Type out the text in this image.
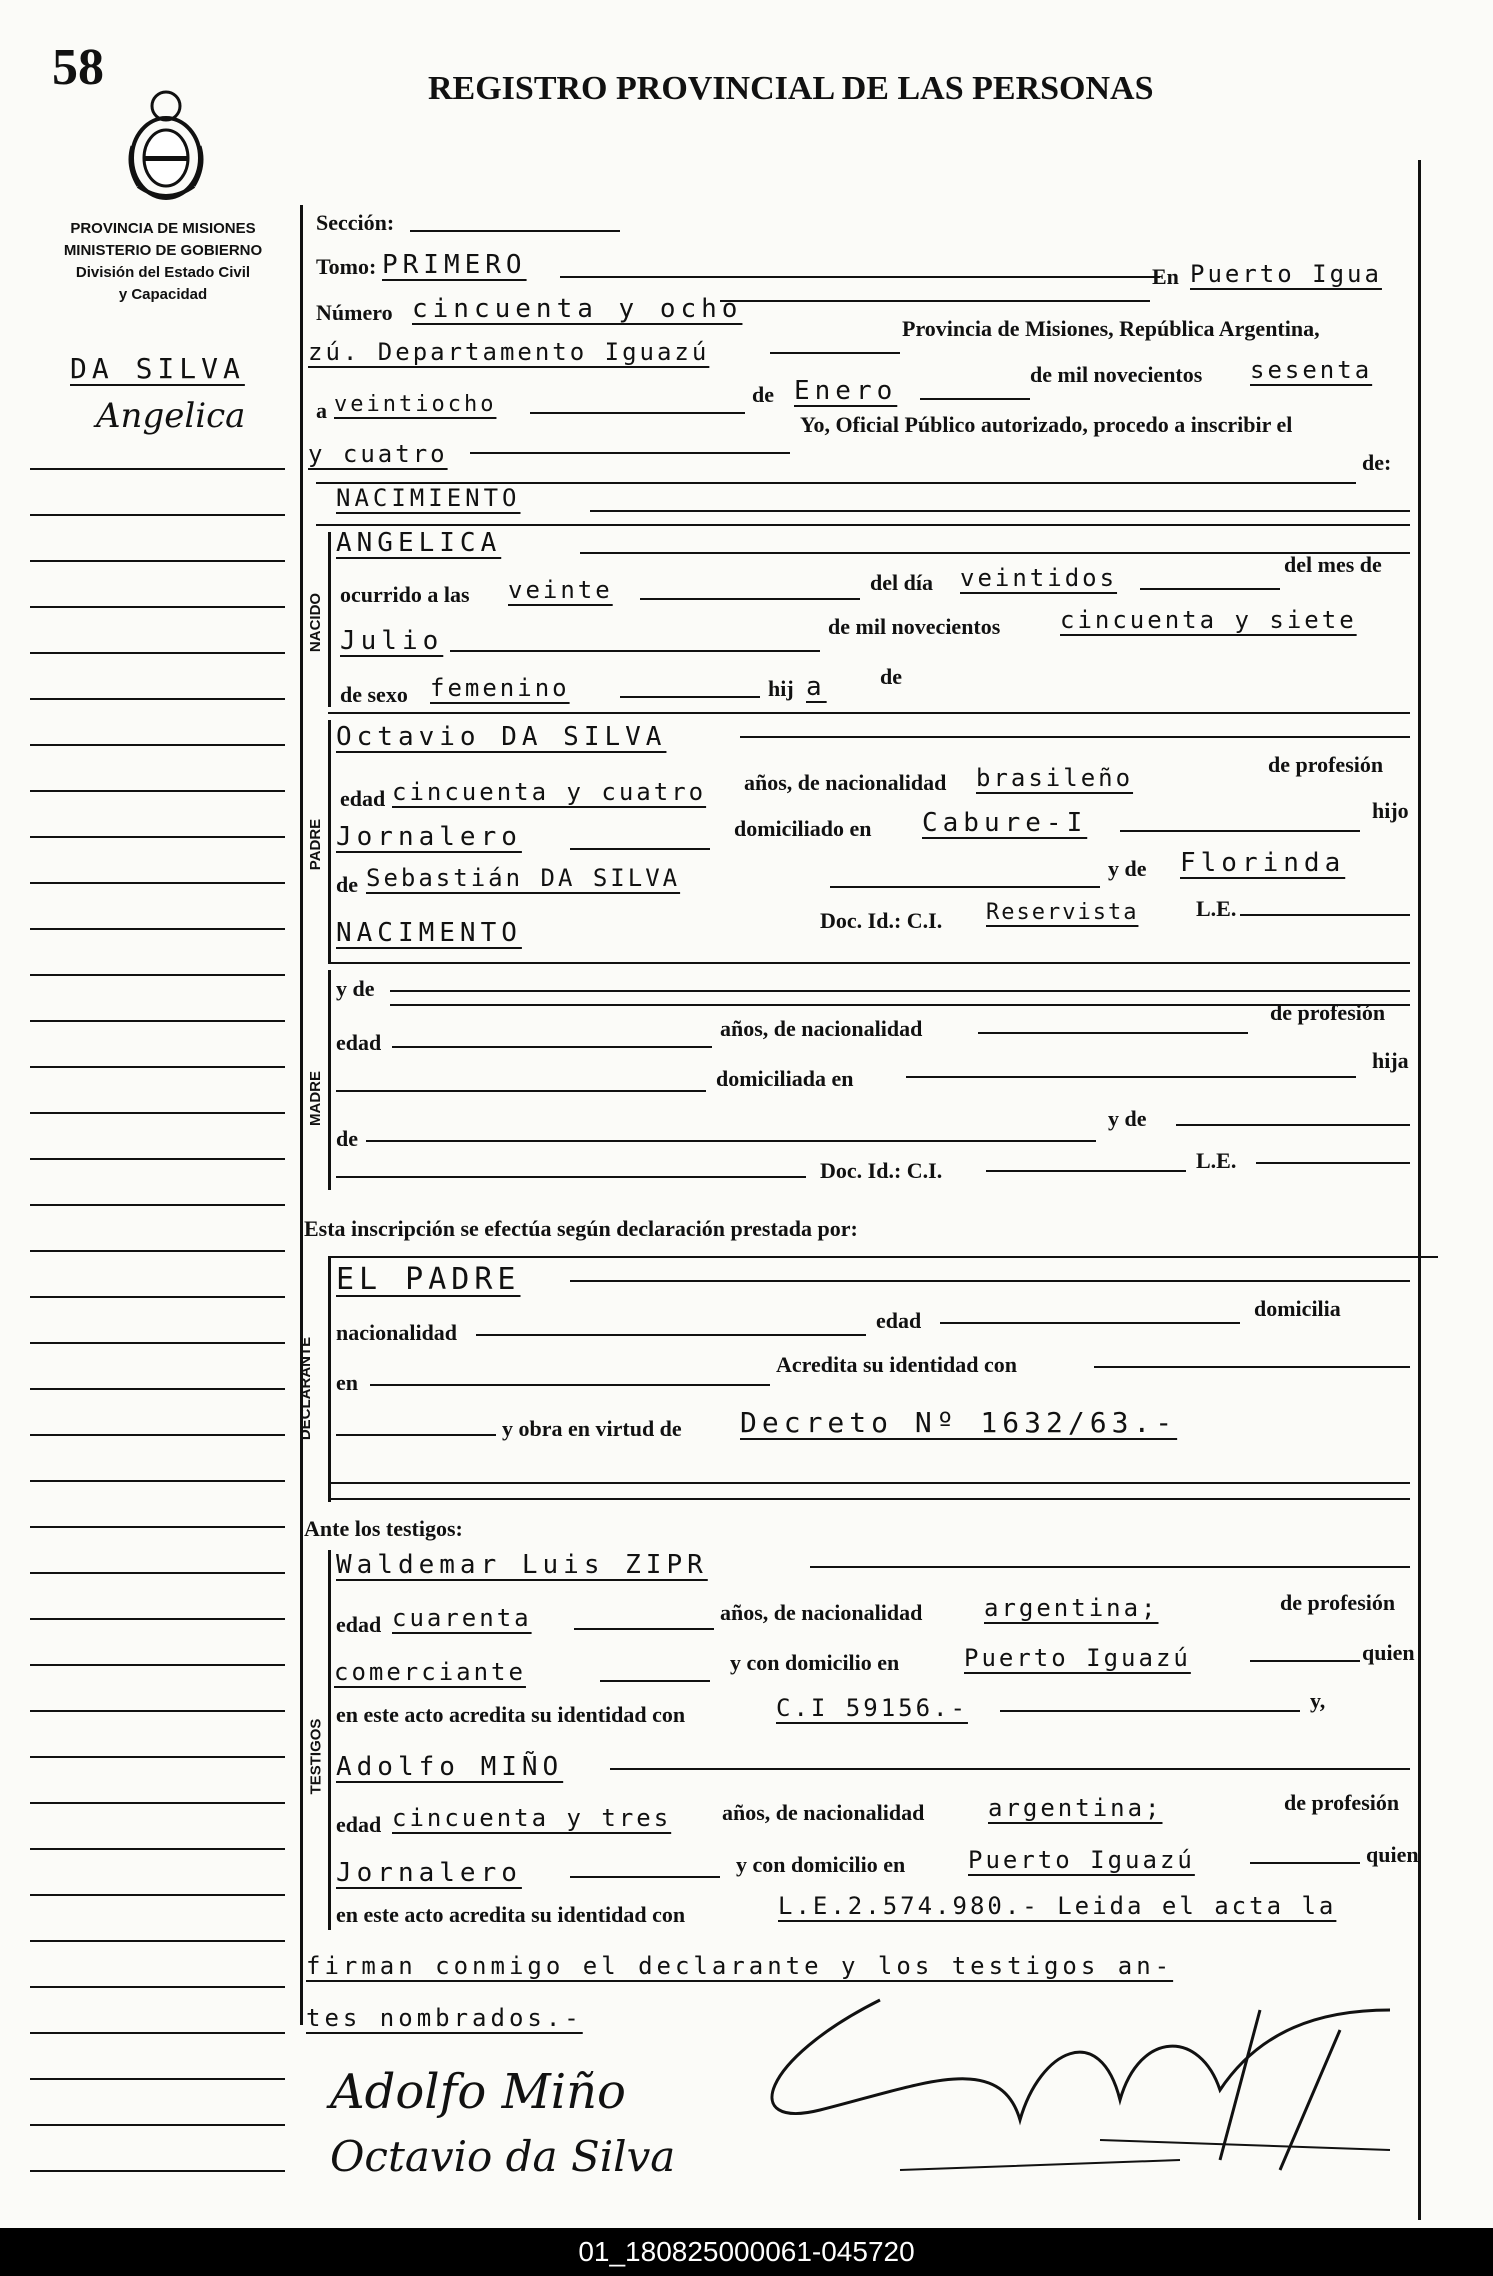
58	REGISTRO PROVINCIAL DE LAS PERSONAS
PROVINCIA DE MISIONES
MINISTERIO DE GOBIERNO
División del Estado Civil
y Capacidad
DA SILVA
Angelica
Sección:
Tomo: PRIMERO
Número cincuenta y ocho
En Puerto Igua
zú. Departamento Iguazú
Provincia de Misiones, República Argentina,
a veintiocho	de Enero
de mil novecientos sesenta
y cuatro
Yo, Oficial Público autorizado, procedo a inscribir el
de:
NACIMIENTO
NACIDO
ANGELICA
ocurrido a las veinte	del día veintidos	del mes de
Julio	de mil novecientos cincuenta y siete
de sexo femenino	hij a de
PADRE
Octavio DA SILVA
edad cincuenta y cuatro años, de nacionalidad brasileño	de profesión
Jornalero	domiciliado en Cabure-I	hijo
de Sebastián DA SILVA	y de Florinda
NACIMENTO	Doc. Id.: C.I. Reservista	L.E.
MADRE
y de
edad
años, de nacionalidad
de profesión
domiciliada en
hija
de
y de
Doc. Id.: C.I.	L.E.
Esta inscripción se efectúa según declaración prestada por:
DECLARANTE
EL PADRE
nacionalidad	edad	domicilia
en
Acredita su identidad con
y obra en virtud de Decreto Nº 1632/63.-
Ante los testigos:
TESTIGOS
Waldemar Luis ZIPR
edad cuarenta	años, de nacionalidad	argentina;	de profesión
comerciante	y con domicilio en	Puerto Iguazú	quien
en este acto acredita su identidad con	C.I 59156.-	y,
Adolfo MIÑO
edad cincuenta y tres años, de nacionalidad	argentina;	de profesión
Jornalero	y con domicilio en	Puerto Iguazú	quien
en este acto acredita su identidad con	L.E.2.574.980.- Leida el acta la
firman conmigo el declarante y los testigos an-
tes nombrados.-
Adolfo Miño
Octavio da Silva
01_180825000061-045720
